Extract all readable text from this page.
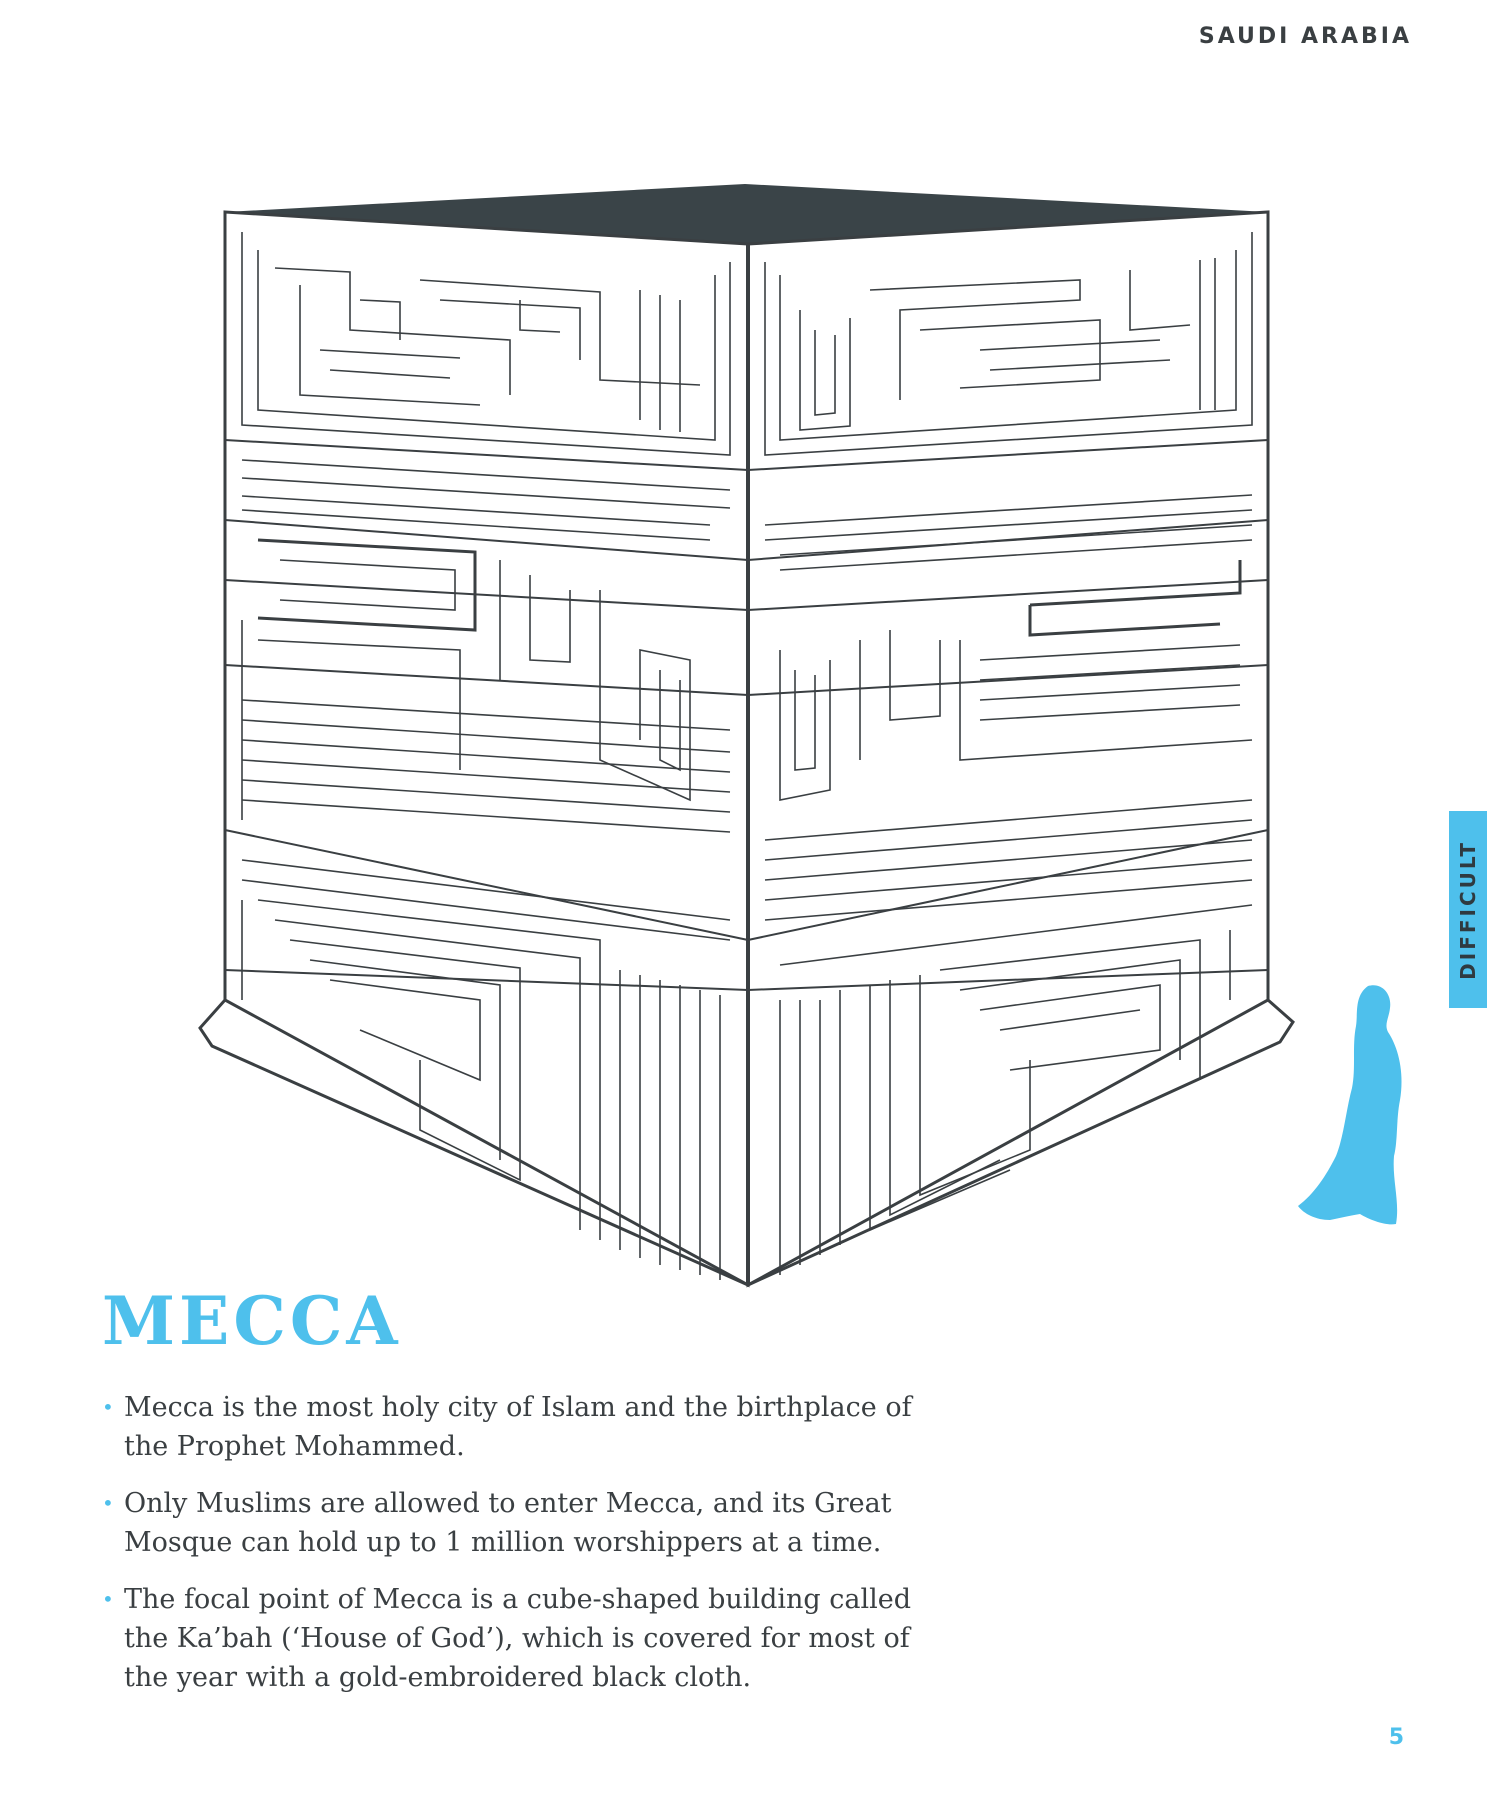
SAUDI ARABIA
DIFFICULT
MECCA
• Mecca is the most holy city of Islam and the birthplace of the Prophet Mohammed.
• Only Muslims are allowed to enter Mecca, and its Great Mosque can hold up to 1 million worshippers at a time.
• The focal point of Mecca is a cube-shaped building called the Ka’bah (‘House of God’), which is covered for most of the year with a gold-embroidered black cloth.
5
